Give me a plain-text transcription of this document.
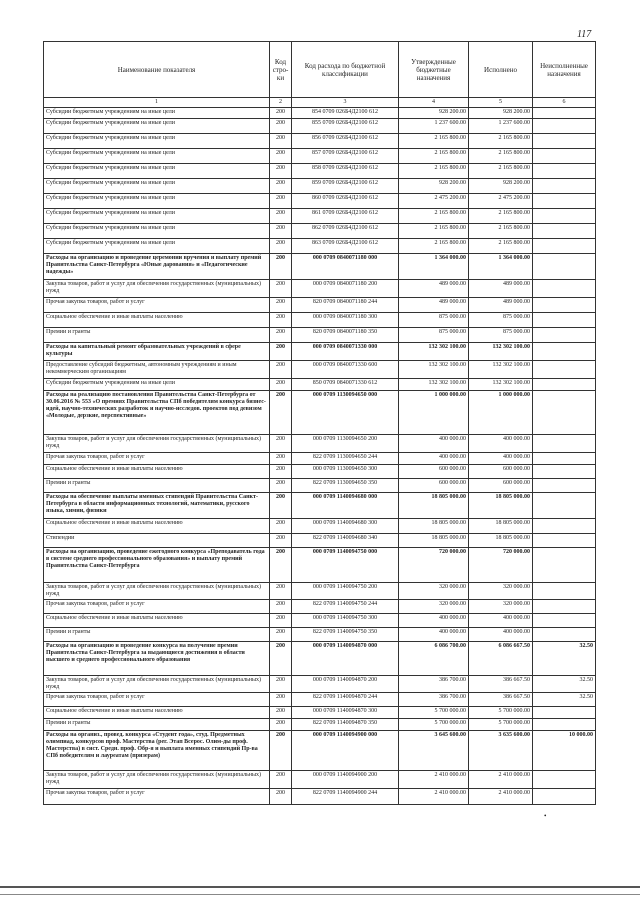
117
Наименование показателя	Код стро-ки	Код расхода по бюджетной классификации	Утвержденные бюджетные назначения	Исполнено	Неисполненные назначения
1	2	3	4	5	6
Субсидии бюджетным учреждениям на иные цели	200	854 0709 026Б4Д2100 612	928 200.00	928 200.00	
Субсидии бюджетным учреждениям на иные цели	200	855 0709 026Б4Д2100 612	1 237 600.00	1 237 600.00	
Субсидии бюджетным учреждениям на иные цели	200	856 0709 026Б4Д2100 612	2 165 800.00	2 165 800.00	
Субсидии бюджетным учреждениям на иные цели	200	857 0709 026Б4Д2100 612	2 165 800.00	2 165 800.00	
Субсидии бюджетным учреждениям на иные цели	200	858 0709 026Б4Д2100 612	2 165 800.00	2 165 800.00	
Субсидии бюджетным учреждениям на иные цели	200	859 0709 026Б4Д2100 612	928 200.00	928 200.00	
Субсидии бюджетным учреждениям на иные цели	200	860 0709 026Б4Д2100 612	2 475 200.00	2 475 200.00	
Субсидии бюджетным учреждениям на иные цели	200	861 0709 026Б4Д2100 612	2 165 800.00	2 165 800.00	
Субсидии бюджетным учреждениям на иные цели	200	862 0709 026Б4Д2100 612	2 165 800.00	2 165 800.00	
Субсидии бюджетным учреждениям на иные цели	200	863 0709 026Б4Д2100 612	2 165 800.00	2 165 800.00	
Расходы на организацию и проведение церемонии вручения и выплату премий Правительства Санкт-Петербурга «Юные дарования» и «Педагогические надежды»	200	000 0709 0840071180 000	1 364 000.00	1 364 000.00	
Закупка товаров, работ и услуг для обеспечения государственных (муниципальных) нужд	200	000 0709 0840071180 200	489 000.00	489 000.00	
Прочая закупка товаров, работ и услуг	200	820 0709 0840071180 244	489 000.00	489 000.00	
Социальное обеспечение и иные выплаты населению	200	000 0709 0840071180 300	875 000.00	875 000.00	
Премии и гранты	200	820 0709 0840071180 350	875 000.00	875 000.00	
Расходы на капитальный ремонт образовательных учреждений в сфере культуры	200	000 0709 0840071330 000	132 302 100.00	132 302 100.00	
Предоставление субсидий бюджетным, автономным учреждениям и иным некоммерческим организациям	200	000 0709 0840071330 600	132 302 100.00	132 302 100.00	
Субсидии бюджетным учреждениям на иные цели	200	850 0709 0840071330 612	132 302 100.00	132 302 100.00	
Расходы на реализацию постановления Правительства Санкт-Петербурга от 30.06.2016 № 553 «О премиях Правительства СПб победителям конкурса бизнес-идей, научно-технических разработок и научно-исследов. проектов под девизом «Молодые, дерзкие, перспективные»	200	000 0709 1130094650 000	1 000 000.00	1 000 000.00	
Закупка товаров, работ и услуг для обеспечения государственных (муниципальных) нужд	200	000 0709 1130094650 200	400 000.00	400 000.00	
Прочая закупка товаров, работ и услуг	200	822 0709 1130094650 244	400 000.00	400 000.00	
Социальное обеспечение и иные выплаты населению	200	000 0709 1130094650 300	600 000.00	600 000.00	
Премии и гранты	200	822 0709 1130094650 350	600 000.00	600 000.00	
Расходы на обеспечение выплаты именных стипендий Правительства Санкт-Петербурга в области информационных технологий, математики, русского языка, химии, физики	200	000 0709 1140094680 000	18 805 000.00	18 805 000.00	
Социальное обеспечение и иные выплаты населению	200	000 0709 1140094680 300	18 805 000.00	18 805 000.00	
Стипендии	200	822 0709 1140094680 340	18 805 000.00	18 805 000.00	
Расходы на организацию, проведение ежегодного конкурса «Преподаватель года в системе среднего профессионального образования» и выплату премий Правительства Санкт-Петербурга	200	000 0709 1140094750 000	720 000.00	720 000.00	
Закупка товаров, работ и услуг для обеспечения государственных (муниципальных) нужд	200	000 0709 1140094750 200	320 000.00	320 000.00	
Прочая закупка товаров, работ и услуг	200	822 0709 1140094750 244	320 000.00	320 000.00	
Социальное обеспечение и иные выплаты населению	200	000 0709 1140094750 300	400 000.00	400 000.00	
Премии и гранты	200	822 0709 1140094750 350	400 000.00	400 000.00	
Расходы на организацию и проведение конкурса на получение премии Правительства Санкт-Петербурга за выдающиеся достижения в области высшего и среднего профессионального образования	200	000 0709 1140094870 000	6 086 700.00	6 086 667.50	32.50
Закупка товаров, работ и услуг для обеспечения государственных (муниципальных) нужд	200	000 0709 1140094870 200	386 700.00	386 667.50	32.50
Прочая закупка товаров, работ и услуг	200	822 0709 1140094870 244	386 700.00	386 667.50	32.50
Социальное обеспечение и иные выплаты населению	200	000 0709 1140094870 300	5 700 000.00	5 700 000.00	
Премии и гранты	200	822 0709 1140094870 350	5 700 000.00	5 700 000.00	
Расходы на организ., провед. конкурса «Студент года», студ. Предметных олимпиад, конкурсов проф. Мастерства (рег. Этап Всерос. Олим-ды проф. Мастерства) в сист. Средн. проф. Обр-я и выплата именных стипендий Пр-ва СПб победителям и лауреатам (призерам)	200	000 0709 1140094900 000	3 645 600.00	3 635 600.00	10 000.00
Закупка товаров, работ и услуг для обеспечения государственных (муниципальных) нужд	200	000 0709 1140094900 200	2 410 000.00	2 410 000.00	
Прочая закупка товаров, работ и услуг	200	822 0709 1140094900 244	2 410 000.00	2 410 000.00	
•
